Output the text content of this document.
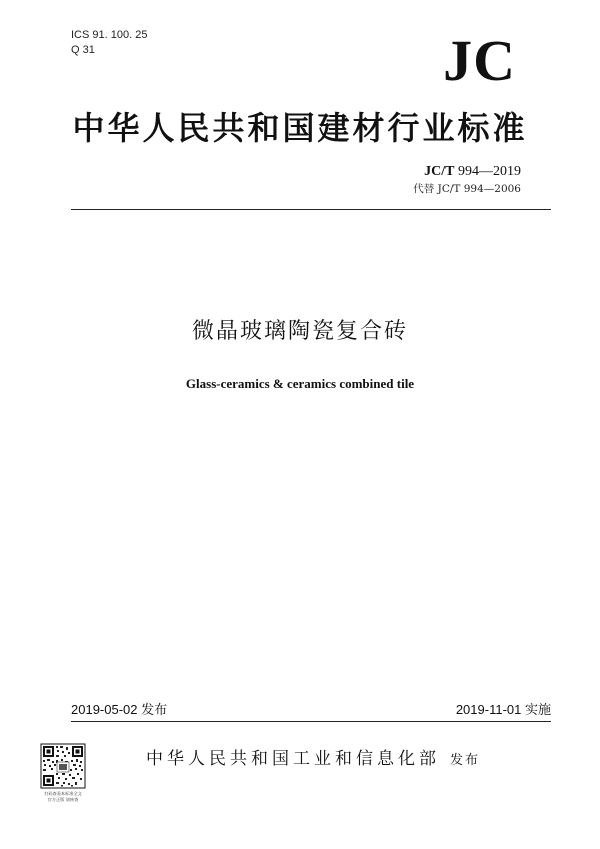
ICS 91. 100. 25
Q 31	JC
中华人民共和国建材行业标准
JC/T 994—2019
代替 JC/T 994—2006
微晶玻璃陶瓷复合砖
Glass-ceramics & ceramics combined tile
2019-05-02 发布	2019-11-01 实施
扫码查看本标准全文
官方正版 请核查
中华人民共和国工业和信息化部 发布
